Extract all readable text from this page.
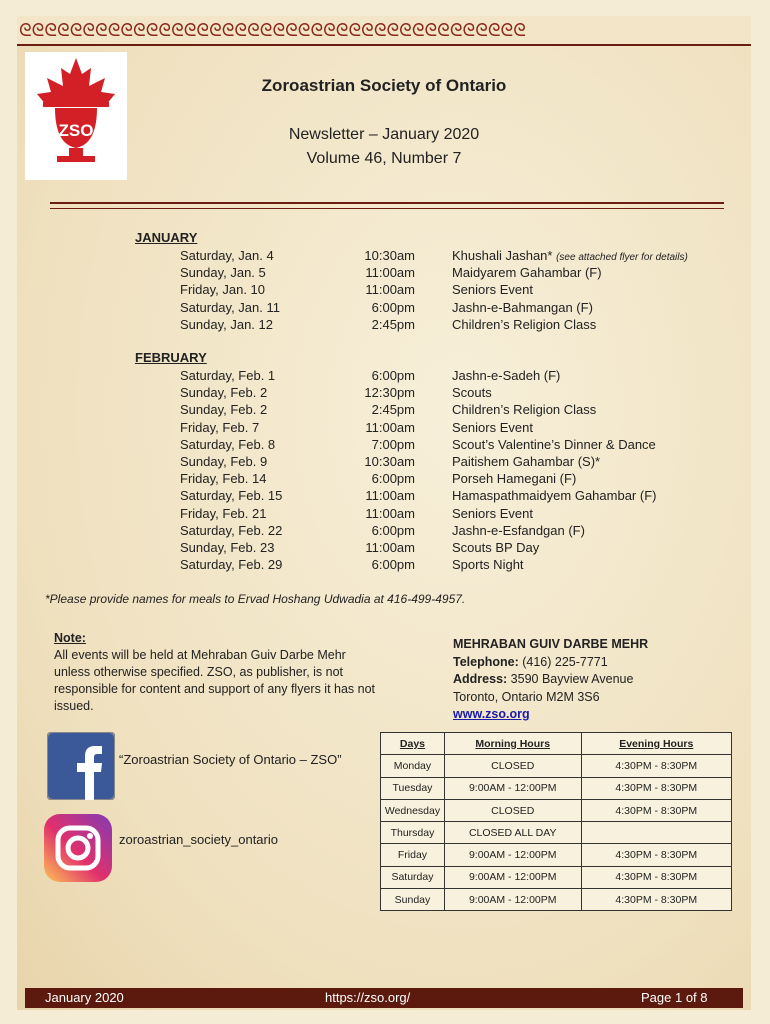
ᘓᘓᘓᘓᘓᘓᘓᘓᘓᘓᘓᘓᘓᘓᘓᘓᘓᘓᘓᘓᘓᘓᘓᘓᘓᘓᘓᘓᘓᘓᘓᘓᘓᘓᘓᘓᘓᘓᘓᘓ
ZSO
Zoroastrian Society of Ontario
Newsletter – January 2020
Volume 46, Number 7
JANUARY
Saturday, Jan. 4	10:30am	Khushali Jashan* (see attached flyer for details)
Sunday, Jan. 5	11:00am	Maidyarem Gahambar (F)
Friday, Jan. 10	11:00am	Seniors Event
Saturday, Jan. 11	6:00pm	Jashn-e-Bahmangan (F)
Sunday, Jan. 12	2:45pm	Children’s Religion Class
FEBRUARY
Saturday, Feb. 1	6:00pm	Jashn-e-Sadeh (F)
Sunday, Feb. 2	12:30pm	Scouts
Sunday, Feb. 2	2:45pm	Children’s Religion Class
Friday, Feb. 7	11:00am	Seniors Event
Saturday, Feb. 8	7:00pm	Scout’s Valentine’s Dinner & Dance
Sunday, Feb. 9	10:30am	Paitishem Gahambar (S)*
Friday, Feb. 14	6:00pm	Porseh Hamegani (F)
Saturday, Feb. 15	11:00am	Hamaspathmaidyem Gahambar (F)
Friday, Feb. 21	11:00am	Seniors Event
Saturday, Feb. 22	6:00pm	Jashn-e-Esfandgan (F)
Sunday, Feb. 23	11:00am	Scouts BP Day
Saturday, Feb. 29	6:00pm	Sports Night
*Please provide names for meals to Ervad Hoshang Udwadia at 416-499-4957.
Note:
All events will be held at Mehraban Guiv Darbe Mehr unless otherwise specified. ZSO, as publisher, is not responsible for content and support of any flyers it has not issued.
MEHRABAN GUIV DARBE MEHR
Telephone: (416) 225-7771
Address: 3590 Bayview Avenue
Toronto, Ontario M2M 3S6
www.zso.org
“Zoroastrian Society of Ontario – ZSO”
zoroastrian_society_ontario
Days	Morning Hours	Evening Hours
Monday	CLOSED	4:30PM - 8:30PM
Tuesday	9:00AM - 12:00PM	4:30PM - 8:30PM
Wednesday	CLOSED	4:30PM - 8:30PM
Thursday	CLOSED ALL DAY	
Friday	9:00AM - 12:00PM	4:30PM - 8:30PM
Saturday	9:00AM - 12:00PM	4:30PM - 8:30PM
Sunday	9:00AM - 12:00PM	4:30PM - 8:30PM
January 2020	https://zso.org/	Page 1 of 8
